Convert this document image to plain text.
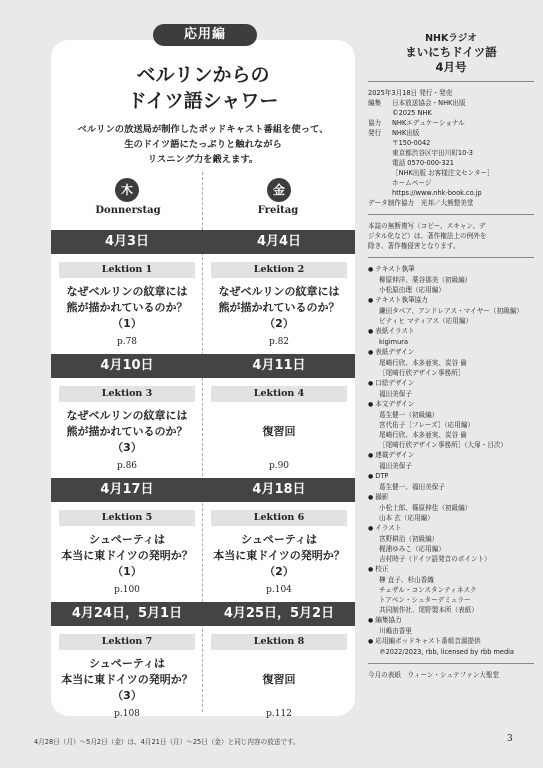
応用編
ベルリンからの
ドイツ語シャワー
ベルリンの放送局が制作したポッドキャスト番組を使って、
生のドイツ語にたっぷりと触れながら
リスニング力を鍛えます。
木	金
Donnerstag	Freitag
4月3日	4月4日
Lektion 1
なぜベルリンの紋章には
熊が描かれているのか？
（1）
p.78
Lektion 2
なぜベルリンの紋章には
熊が描かれているのか？
（2）
p.82
4月10日	4月11日
Lektion 3
なぜベルリンの紋章には
熊が描かれているのか？
（3）
p.86
Lektion 4
復習回
p.90
4月17日	4月18日
Lektion 5
シュペーティは
本当に東ドイツの発明か？
（1）
p.100
Lektion 6
シュペーティは
本当に東ドイツの発明か？
（2）
p.104
4月24日，5月1日	4月25日，5月2日
Lektion 7
シュペーティは
本当に東ドイツの発明か？
（3）
p.108
Lektion 8
復習回
p.112
NHKラジオ
まいにちドイツ語
4月号
2025年3月18日 発行・発売
編集	日本放送協会・NHK出版
©2025 NHK
協力	NHKエデュケーショナル
発行	NHK出版
〒150-0042
東京都渋谷区宇田川町10-3
電話 0570-000-321
［NHK出版 お客様注文センター］
ホームページ
https://www.nhk-book.co.jp
データ制作協力　光邦／大熊整美堂
本誌の無断複写（コピー、スキャン、デ
ジタル化など）は、著作権法上の例外を
除き、著作権侵害となります。
● テキスト執筆
柳原伸洋、薬谷那美（初級編）
小松原由理（応用編）
● テキスト執筆協力
鎌田タベア、アンドレアス・マイヤー（初級編）
ビティヒ マティアス（応用編）
● 表紙イラスト
kigimura
● 表紙デザイン
尾崎行欣、本多亜実、炭谷 倫
［尾崎行欣デザイン事務所］
● 口絵デザイン
福田美保子
● 本文デザイン
葛生健一（初級編）
宮代佑子［フレーズ］（応用編）
尾崎行欣、本多亜実、炭谷 倫
［尾崎行欣デザイン事務所］（大扉・目次）
● 連載デザイン
福田美保子
● DTP
葛生健一、福田美保子
● 撮影
小松士郎、篠原伸佳（初級編）
山本 玄（応用編）
● イラスト
宮野耕治（初級編）
梶浦ゆみこ（応用編）
吉村時子（ドイツ語発音のポイント）
● 校正
榊 直子、杉山香織
チェザル・コンスタンティネスク
トアベン・シュターデミュラー
共同制作社、尾野製本所（表紙）
● 編集協力
川嶋由香里
● 応用編ポッドキャスト番組音源提供
℗2022/2023, rbb, licensed by rbb media
今月の表紙　ウィーン・シュテファン大聖堂
4月28日（月）〜5月2日（金）は、4月21日（月）〜25日（金）と同じ内容の放送です。	3
